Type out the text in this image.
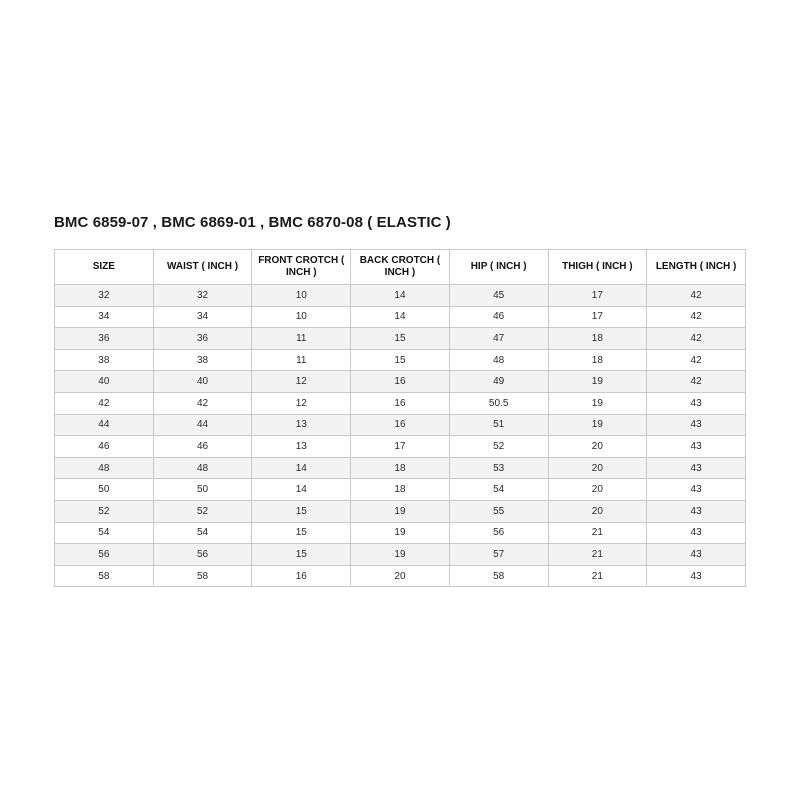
BMC 6859-07 , BMC 6869-01 , BMC 6870-08 ( ELASTIC )
SIZE	WAIST ( INCH )	FRONT CROTCH ( INCH )	BACK CROTCH ( INCH )	HIP ( INCH )	THIGH ( INCH )	LENGTH ( INCH )
32	32	10	14	45	17	42
34	34	10	14	46	17	42
36	36	11	15	47	18	42
38	38	11	15	48	18	42
40	40	12	16	49	19	42
42	42	12	16	50.5	19	43
44	44	13	16	51	19	43
46	46	13	17	52	20	43
48	48	14	18	53	20	43
50	50	14	18	54	20	43
52	52	15	19	55	20	43
54	54	15	19	56	21	43
56	56	15	19	57	21	43
58	58	16	20	58	21	43
